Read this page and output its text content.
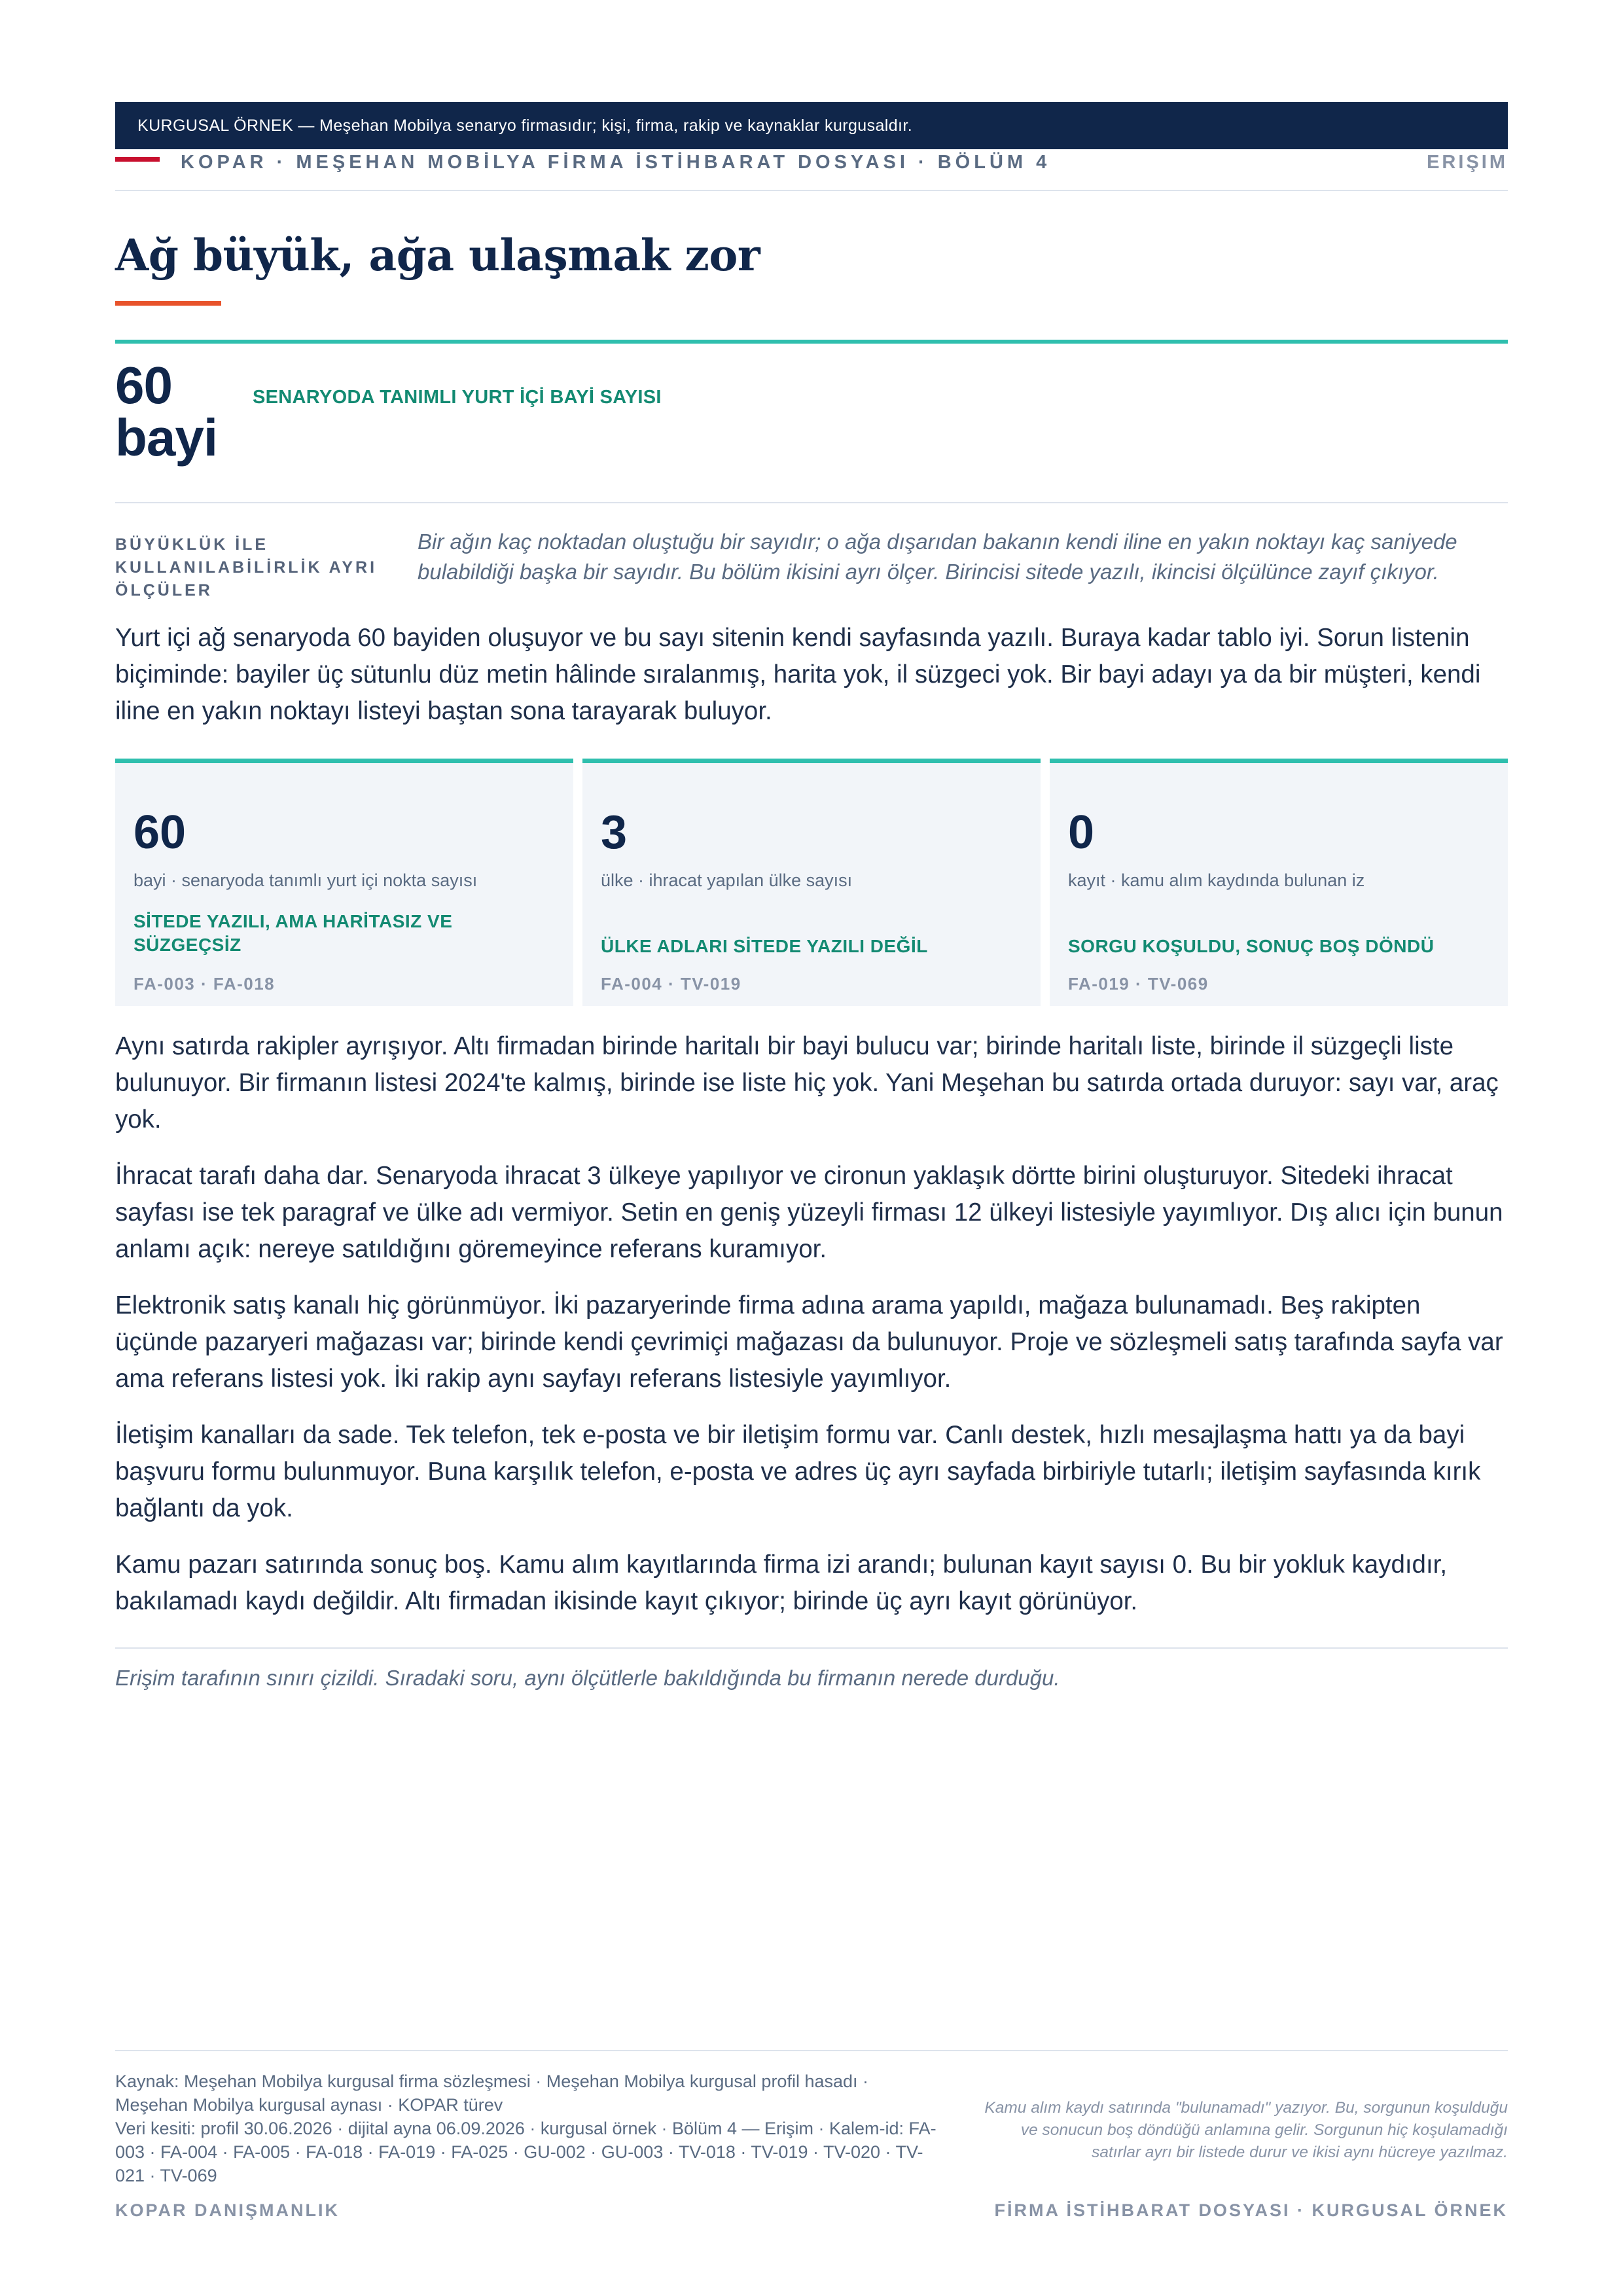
KURGUSAL ÖRNEK — Meşehan Mobilya senaryo firmasıdır; kişi, firma, rakip ve kaynaklar kurgusaldır.
KOPAR · MEŞEHAN MOBİLYA FİRMA İSTİHBARAT DOSYASI · BÖLÜM 4	ERIŞIM
Ağ büyük, ağa ulaşmak zor
60
bayi
SENARYODA TANIMLI YURT İÇİ BAYİ SAYISI
BÜYÜKLÜK İLE KULLANILABİLİRLİK AYRI ÖLÇÜLER
Bir ağın kaç noktadan oluştuğu bir sayıdır; o ağa dışarıdan bakanın kendi iline en yakın noktayı kaç saniyede bulabildiği başka bir sayıdır. Bu bölüm ikisini ayrı ölçer. Birincisi sitede yazılı, ikincisi ölçülünce zayıf çıkıyor.

Yurt içi ağ senaryoda 60 bayiden oluşuyor ve bu sayı sitenin kendi sayfasında yazılı. Buraya kadar tablo iyi. Sorun listenin biçiminde: bayiler üç sütunlu düz metin hâlinde sıralanmış, harita yok, il süzgeci yok. Bir bayi adayı ya da bir müşteri, kendi iline en yakın noktayı listeyi baştan sona tarayarak buluyor.

60
bayi · senaryoda tanımlı yurt içi nokta sayısı
SİTEDE YAZILI, AMA HARİTASIZ VE SÜZGEÇSİZ
FA-003 · FA-018
3
ülke · ihracat yapılan ülke sayısı
ÜLKE ADLARI SİTEDE YAZILI DEĞİL
FA-004 · TV-019
0
kayıt · kamu alım kaydında bulunan iz
SORGU KOŞULDU, SONUÇ BOŞ DÖNDÜ
FA-019 · TV-069

Aynı satırda rakipler ayrışıyor. Altı firmadan birinde haritalı bir bayi bulucu var; birinde haritalı liste, birinde il süzgeçli liste bulunuyor. Bir firmanın listesi 2024'te kalmış, birinde ise liste hiç yok. Yani Meşehan bu satırda ortada duruyor: sayı var, araç yok.

İhracat tarafı daha dar. Senaryoda ihracat 3 ülkeye yapılıyor ve cironun yaklaşık dörtte birini oluşturuyor. Sitedeki ihracat sayfası ise tek paragraf ve ülke adı vermiyor. Setin en geniş yüzeyli firması 12 ülkeyi listesiyle yayımlıyor. Dış alıcı için bunun anlamı açık: nereye satıldığını göremeyince referans kuramıyor.

Elektronik satış kanalı hiç görünmüyor. İki pazaryerinde firma adına arama yapıldı, mağaza bulunamadı. Beş rakipten üçünde pazaryeri mağazası var; birinde kendi çevrimiçi mağazası da bulunuyor. Proje ve sözleşmeli satış tarafında sayfa var ama referans listesi yok. İki rakip aynı sayfayı referans listesiyle yayımlıyor.

İletişim kanalları da sade. Tek telefon, tek e-posta ve bir iletişim formu var. Canlı destek, hızlı mesajlaşma hattı ya da bayi başvuru formu bulunmuyor. Buna karşılık telefon, e-posta ve adres üç ayrı sayfada birbiriyle tutarlı; iletişim sayfasında kırık bağlantı da yok.

Kamu pazarı satırında sonuç boş. Kamu alım kayıtlarında firma izi arandı; bulunan kayıt sayısı 0. Bu bir yokluk kaydıdır, bakılamadı kaydı değildir. Altı firmadan ikisinde kayıt çıkıyor; birinde üç ayrı kayıt görünüyor.

Erişim tarafının sınırı çizildi. Sıradaki soru, aynı ölçütlerle bakıldığında bu firmanın nerede durduğu.

Kaynak: Meşehan Mobilya kurgusal firma sözleşmesi · Meşehan Mobilya kurgusal profil hasadı · Meşehan Mobilya kurgusal aynası · KOPAR türev
Veri kesiti: profil 30.06.2026 · dijital ayna 06.09.2026 · kurgusal örnek · Bölüm 4 — Erişim · Kalem-id: FA-003 · FA-004 · FA-005 · FA-018 · FA-019 · FA-025 · GU-002 · GU-003 · TV-018 · TV-019 · TV-020 · TV-021 · TV-069
Kamu alım kaydı satırında "bulunamadı" yazıyor. Bu, sorgunun koşulduğu ve sonucun boş döndüğü anlamına gelir. Sorgunun hiç koşulamadığı satırlar ayrı bir listede durur ve ikisi aynı hücreye yazılmaz.
KOPAR DANIŞMANLIK	FİRMA İSTİHBARAT DOSYASI · KURGUSAL ÖRNEK
